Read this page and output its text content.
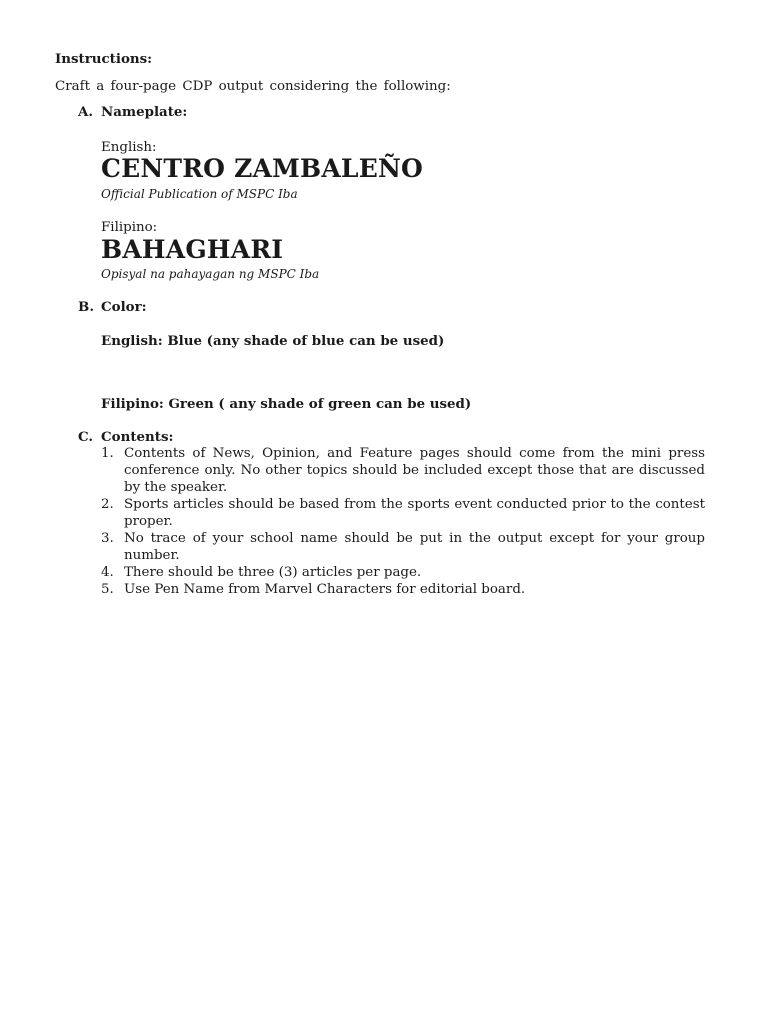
Instructions:
Craft a four-page CDP output considering the following:
A. Nameplate:
English:
CENTRO ZAMBALEÑO
Official Publication of MSPC Iba
Filipino:
BAHAGHARI
Opisyal na pahayagan ng MSPC Iba
B. Color:
English: Blue (any shade of blue can be used)
Filipino: Green ( any shade of green can be used)
C. Contents:
1. Contents of News, Opinion, and Feature pages should come from the mini press conference only. No other topics should be included except those that are discussed by the speaker.
2. Sports articles should be based from the sports event conducted prior to the contest proper.
3. No trace of your school name should be put in the output except for your group number.
4. There should be three (3) articles per page.
5. Use Pen Name from Marvel Characters for editorial board.
